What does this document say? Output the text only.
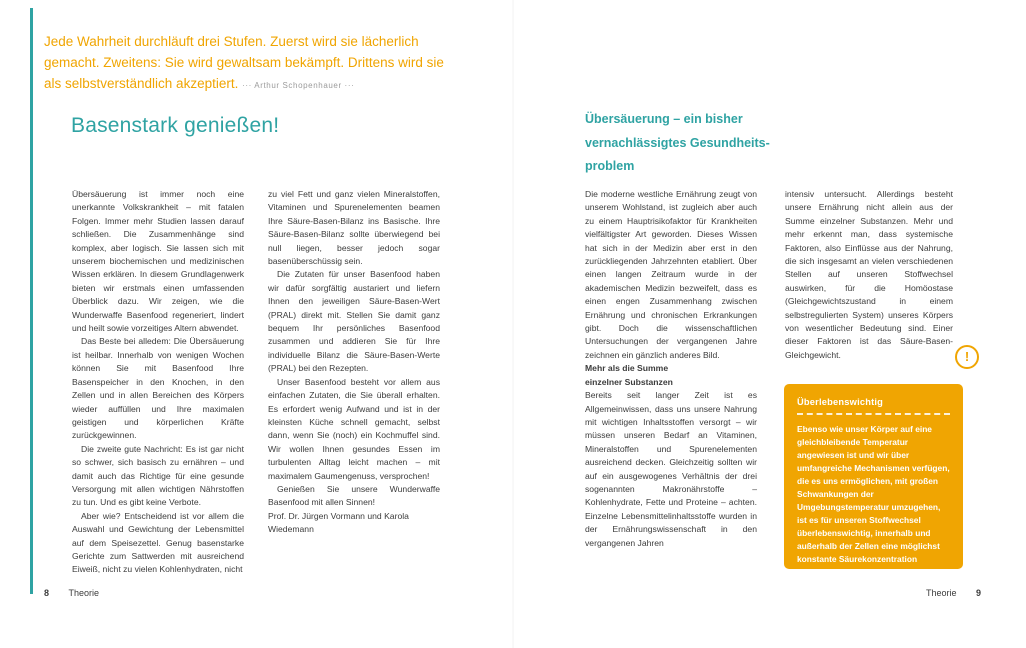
Jede Wahrheit durchläuft drei Stufen. Zuerst wird sie lächerlich gemacht. Zweitens: Sie wird gewaltsam bekämpft. Drittens wird sie als selbstverständlich akzeptiert. ··· Arthur Schopenhauer ···
Basenstark genießen!

Übersäuerung ist immer noch eine unerkannte Volkskrankheit – mit fatalen Folgen. Immer mehr Studien lassen darauf schließen. Die Zusammenhänge sind komplex, aber logisch. Sie lassen sich mit unserem biochemischen und medizinischen Wissen erklären. In diesem Grundlagenwerk bieten wir erstmals einen umfassenden Überblick dazu. Wir zeigen, wie die Wunderwaffe Basenfood regeneriert, lindert und heilt sowie vorzeitiges Altern abwendet.

Das Beste bei alledem: Die Übersäuerung ist heilbar. Innerhalb von wenigen Wochen können Sie mit Basenfood Ihre Basenspeicher in den Knochen, in den Zellen und in allen Bereichen des Körpers wieder auffüllen und Ihre maximalen geistigen und körperlichen Kräfte zurückgewinnen.

Die zweite gute Nachricht: Es ist gar nicht so schwer, sich basisch zu ernähren – und damit auch das Richtige für eine gesunde Versorgung mit allen wichtigen Nährstoffen zu tun. Und es gibt keine Verbote.

Aber wie? Entscheidend ist vor allem die Auswahl und Gewichtung der Lebensmittel auf dem Speisezettel. Genug basenstarke Gerichte zum Sattwerden mit ausreichend Eiweiß, nicht zu vielen Kohlenhydraten, nicht

zu viel Fett und ganz vielen Mineralstoffen, Vitaminen und Spurenelementen beamen Ihre Säure-Basen-Bilanz ins Basische. Ihre Säure-Basen-Bilanz sollte überwiegend bei null liegen, besser jedoch sogar basenüberschüssig sein.

Die Zutaten für unser Basenfood haben wir dafür sorgfältig austariert und liefern Ihnen den jeweiligen Säure-Basen-Wert (PRAL) direkt mit. Stellen Sie damit ganz bequem Ihr persönliches Basenfood zusammen und addieren Sie für Ihre individuelle Bilanz die Säure-Basen-Werte (PRAL) bei den Rezepten.

Unser Basenfood besteht vor allem aus einfachen Zutaten, die Sie überall erhalten. Es erfordert wenig Aufwand und ist in der kleinsten Küche schnell gemacht, selbst dann, wenn Sie (noch) ein Kochmuffel sind. Wir wollen Ihnen gesundes Essen im turbulenten Alltag leicht machen – mit maximalem Gaumengenuss, versprochen!

Genießen Sie unsere Wunderwaffe Basenfood mit allen Sinnen!

Prof. Dr. Jürgen Vormann und Karola Wiedemann

8 Theorie
Übersäuerung – ein bisher
vernachlässigtes Gesundheits-
problem

Die moderne westliche Ernährung zeugt von unserem Wohlstand, ist zugleich aber auch zu einem Hauptrisikofaktor für Krankheiten vielfältigster Art geworden. Dieses Wissen hat sich in der Medizin aber erst in den zurückliegenden Jahrzehnten etabliert. Über einen langen Zeitraum wurde in der akademischen Medizin bezweifelt, dass es einen engen Zusammenhang zwischen Ernährung und chronischen Erkrankungen gibt. Doch die wissenschaftlichen Untersuchungen der vergangenen Jahre zeichnen ein gänzlich anderes Bild.

Mehr als die Summe
einzelner Substanzen

Bereits seit langer Zeit ist es Allgemeinwissen, dass uns unsere Nahrung mit wichtigen Inhaltsstoffen versorgt – wir müssen unseren Bedarf an Vitaminen, Mineralstoffen und Spurenelementen ausreichend decken. Gleichzeitig sollten wir auf ein ausgewogenes Verhältnis der drei sogenannten Makronährstoffe – Kohlenhydrate, Fette und Proteine – achten. Einzelne Lebensmittelinhaltsstoffe wurden in der Ernährungswissenschaft in den vergangenen Jahren

intensiv untersucht. Allerdings besteht unsere Ernährung nicht allein aus der Summe einzelner Substanzen. Mehr und mehr erkennt man, dass systemische Faktoren, also Einflüsse aus der Nahrung, die sich insgesamt an vielen verschiedenen Stellen auf unseren Stoffwechsel auswirken, für die Homöostase (Gleichgewichtszustand in einem selbstregulierten System) unseres Körpers von wesentlicher Bedeutung sind. Einer dieser Faktoren ist das Säure-Basen-Gleichgewicht.	!
Überlebenswichtig
Ebenso wie unser Körper auf eine gleichbleibende Temperatur angewiesen ist und wir über umfangreiche Mechanismen verfügen, die es uns ermöglichen, mit großen Schwankungen der Umgebungstemperatur umzugehen, ist es für unseren Stoffwechsel überlebenswichtig, innerhalb und außerhalb der Zellen eine möglichst konstante Säurekonzentration aufrechtzuerhalten.
Theorie 9
